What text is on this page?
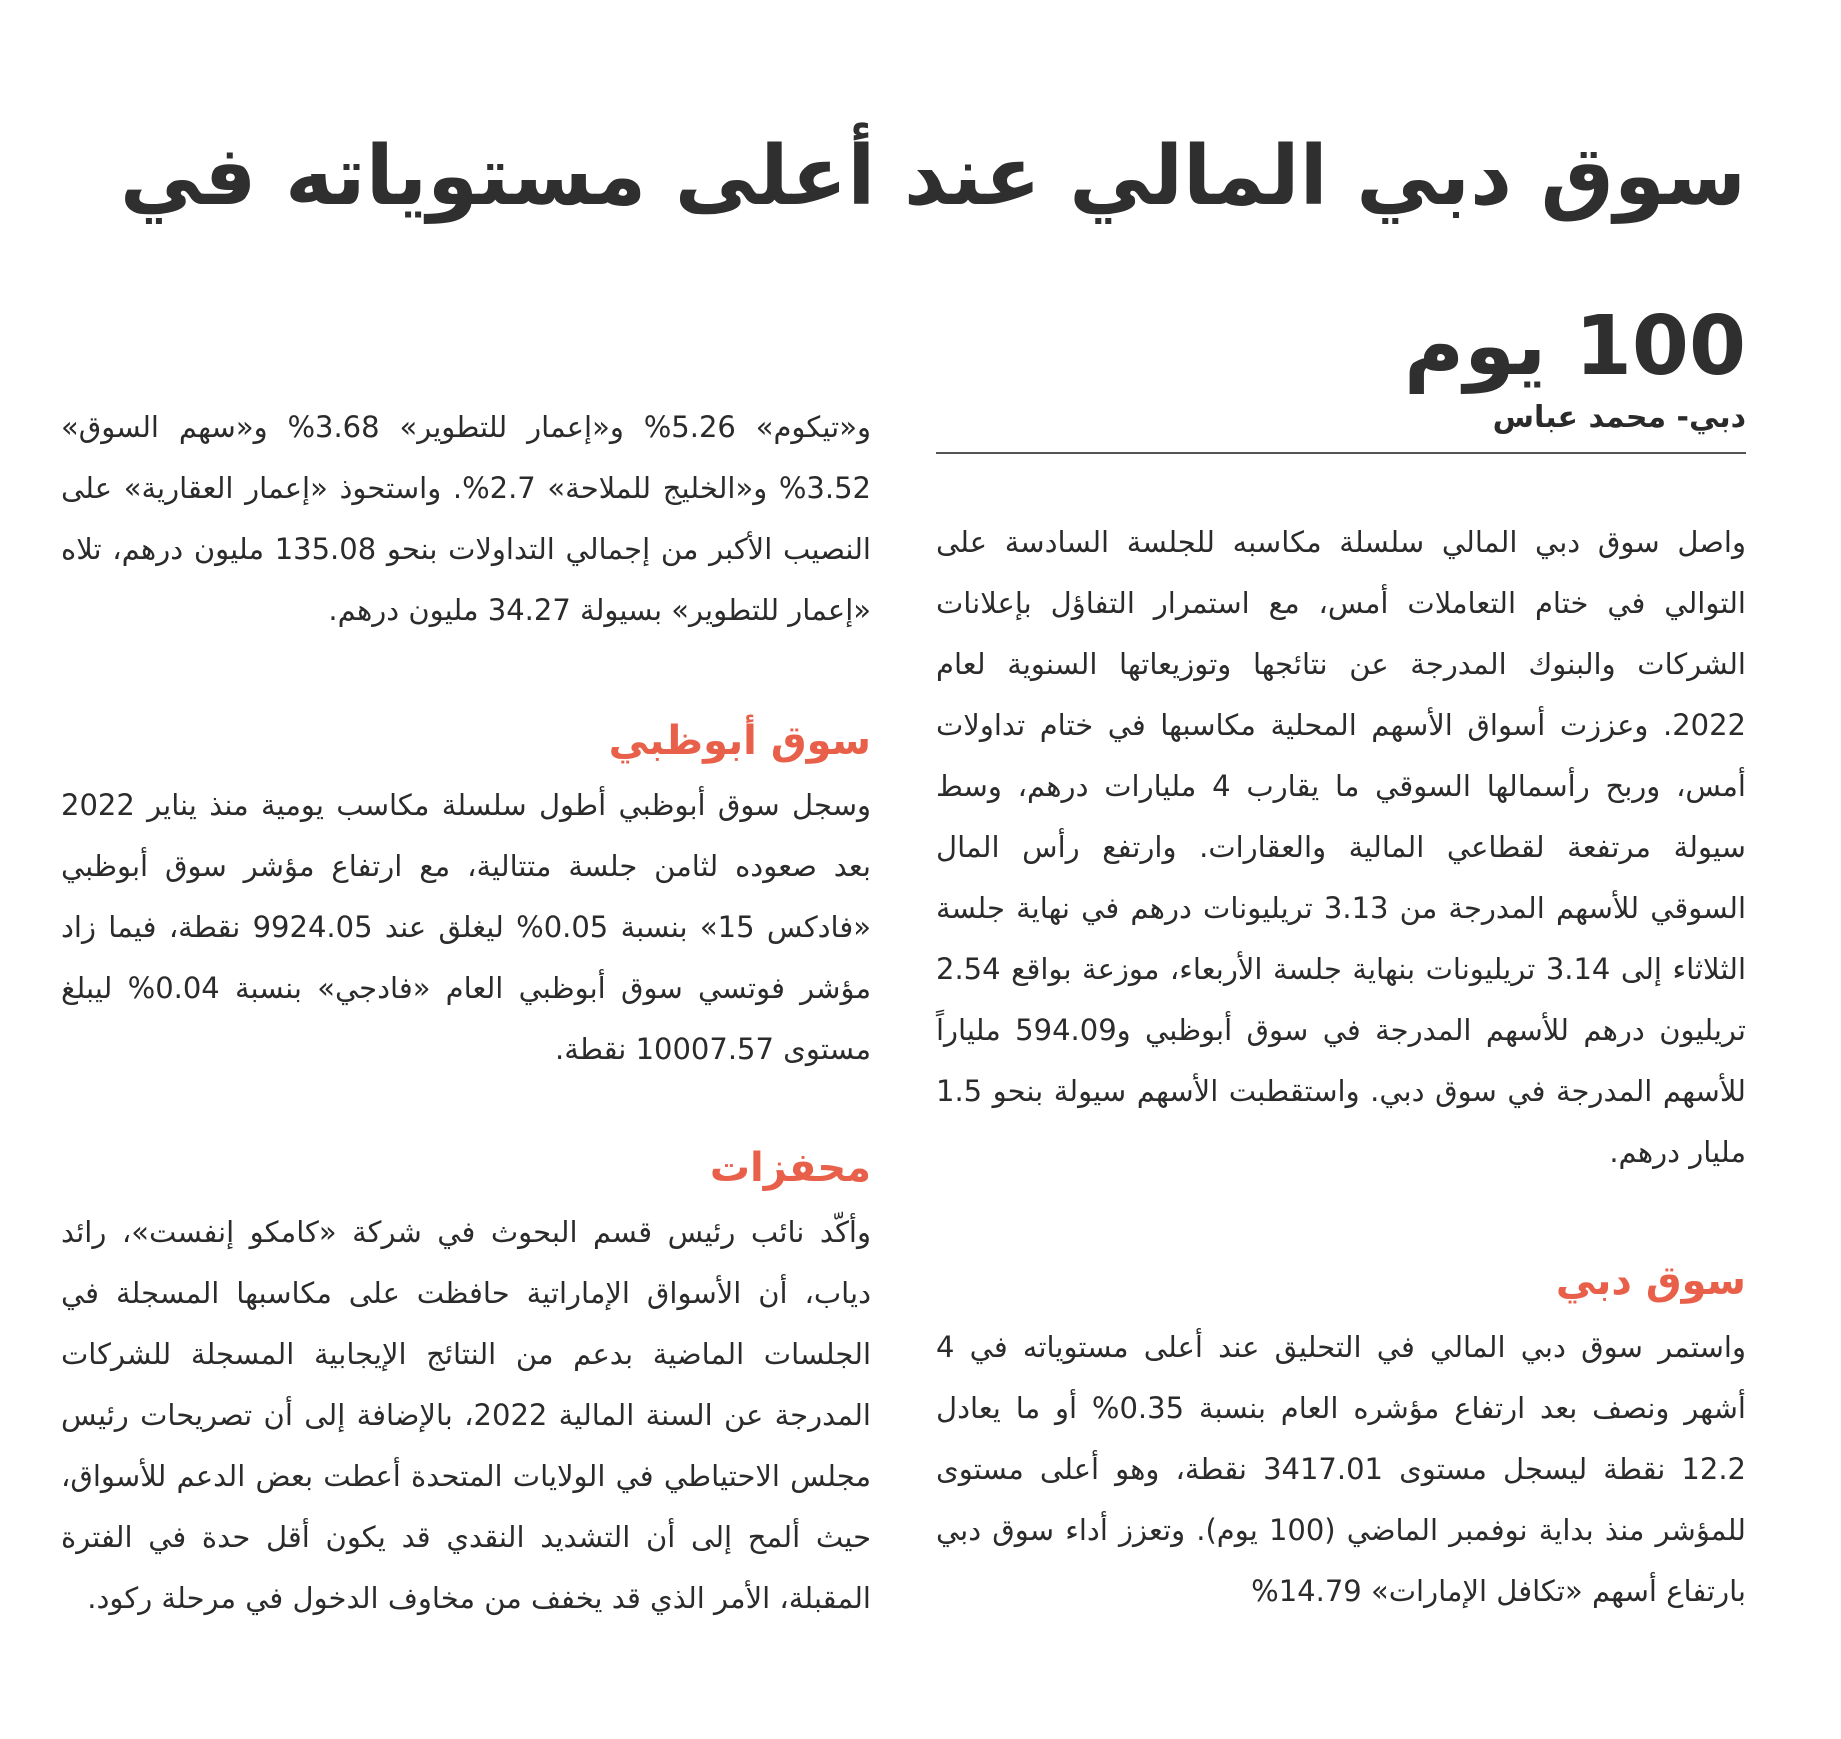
سوق دبي المالي عند أعلى مستوياته في 100 يوم
دبي- محمد عباس

واصل سوق دبي المالي سلسلة مكاسبه للجلسة السادسة على التوالي في ختام التعاملات أمس، مع استمرار التفاؤل بإعلانات الشركات والبنوك المدرجة عن نتائجها وتوزيعاتها السنوية لعام 2022. وعززت أسواق الأسهم المحلية مكاسبها في ختام تداولات أمس، وربح رأسمالها السوقي ما يقارب 4 مليارات درهم، وسط سيولة مرتفعة لقطاعي المالية والعقارات. وارتفع رأس المال السوقي للأسهم المدرجة من 3.13 تريليونات درهم في نهاية جلسة الثلاثاء إلى 3.14 تريليونات بنهاية جلسة الأربعاء، موزعة بواقع 2.54 تريليون درهم للأسهم المدرجة في سوق أبوظبي و594.09 ملياراً للأسهم المدرجة في سوق دبي. واستقطبت الأسهم سيولة بنحو 1.5 مليار درهم.

سوق دبي

واستمر سوق دبي المالي في التحليق عند أعلى مستوياته في 4 أشهر ونصف بعد ارتفاع مؤشره العام بنسبة 0.35% أو ما يعادل 12.2 نقطة ليسجل مستوى 3417.01 نقطة، وهو أعلى مستوى للمؤشر منذ بداية نوفمبر الماضي (100 يوم). وتعزز أداء سوق دبي بارتفاع أسهم «تكافل الإمارات» 14.79%

و«تيكوم» 5.26% و«إعمار للتطوير» 3.68% و«سهم السوق» 3.52% و«الخليج للملاحة» 2.7%. واستحوذ «إعمار العقارية» على النصيب الأكبر من إجمالي التداولات بنحو 135.08 مليون درهم، تلاه «إعمار للتطوير» بسيولة 34.27 مليون درهم.

سوق أبوظبي

وسجل سوق أبوظبي أطول سلسلة مكاسب يومية منذ يناير 2022 بعد صعوده لثامن جلسة متتالية، مع ارتفاع مؤشر سوق أبوظبي «فادكس 15» بنسبة 0.05% ليغلق عند 9924.05 نقطة، فيما زاد مؤشر فوتسي سوق أبوظبي العام «فادجي» بنسبة 0.04% ليبلغ مستوى 10007.57 نقطة.

محفزات

وأكّد نائب رئيس قسم البحوث في شركة «كامكو إنفست»، رائد دياب، أن الأسواق الإماراتية حافظت على مكاسبها المسجلة في الجلسات الماضية بدعم من النتائج الإيجابية المسجلة للشركات المدرجة عن السنة المالية 2022، بالإضافة إلى أن تصريحات رئيس مجلس الاحتياطي في الولايات المتحدة أعطت بعض الدعم للأسواق، حيث ألمح إلى أن التشديد النقدي قد يكون أقل حدة في الفترة المقبلة، الأمر الذي قد يخفف من مخاوف الدخول في مرحلة ركود.
